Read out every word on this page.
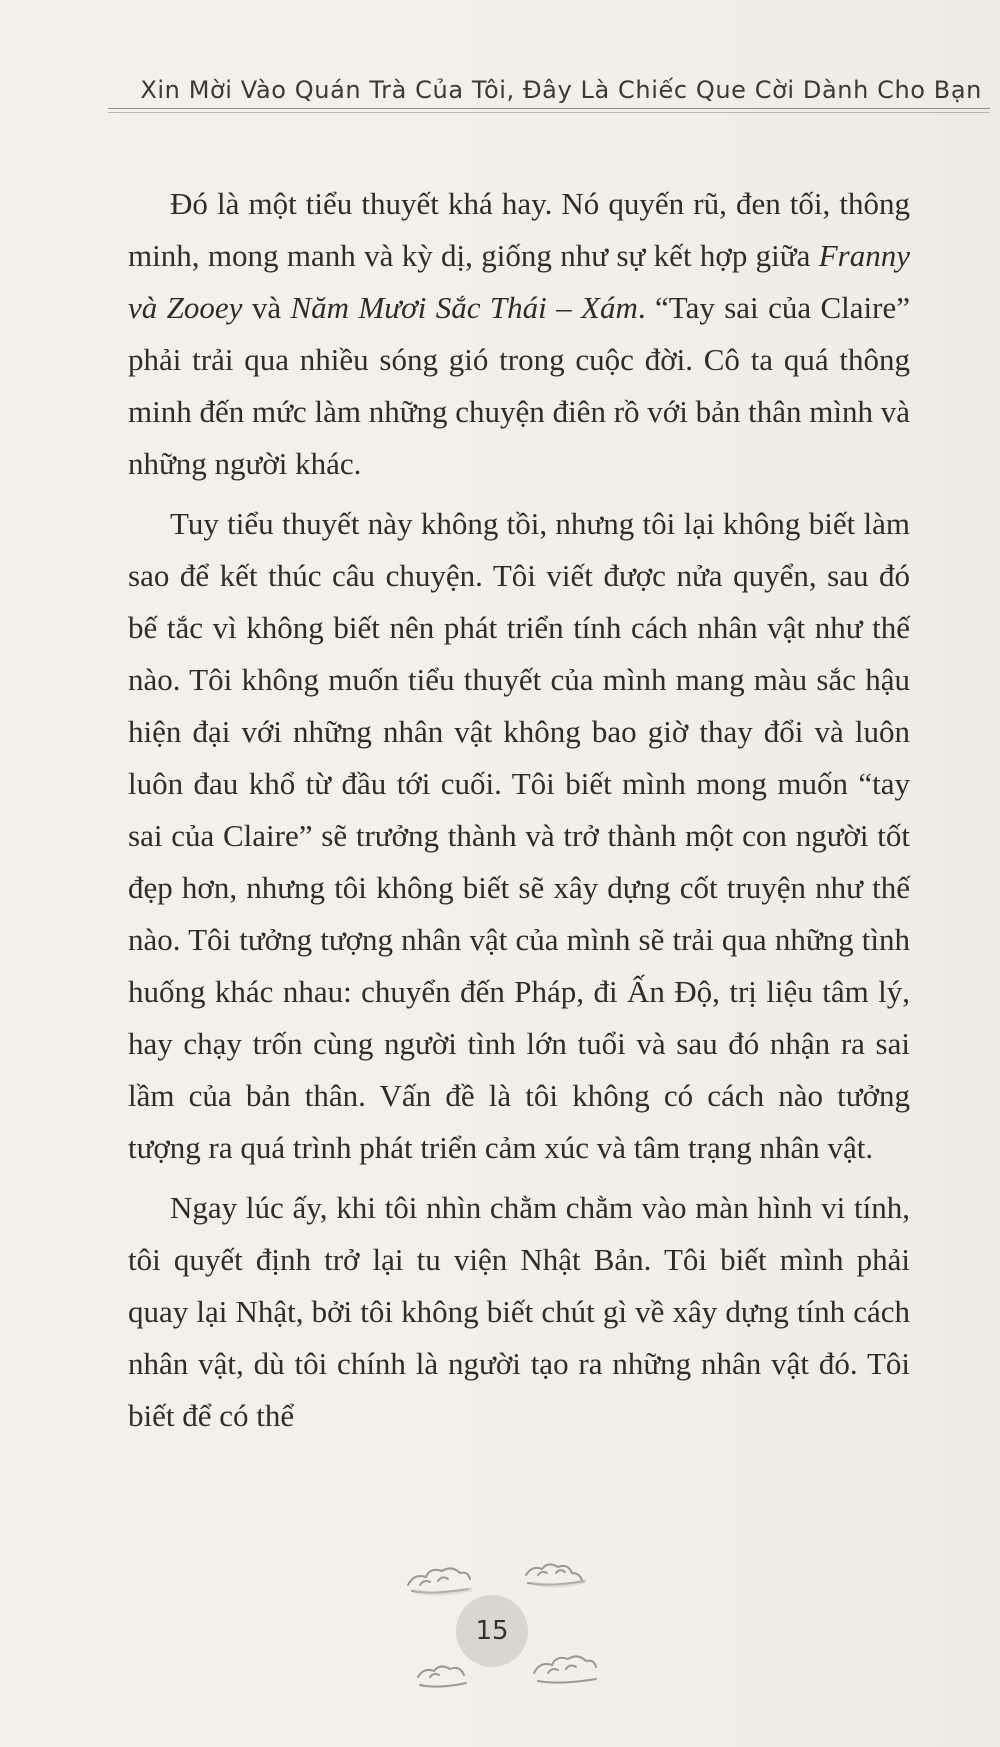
Xin Mời Vào Quán Trà Của Tôi, Đây Là Chiếc Que Cời Dành Cho Bạn

Đó là một tiểu thuyết khá hay. Nó quyến rũ, đen tối, thông minh, mong manh và kỳ dị, giống như sự kết hợp giữa Franny và Zooey và Năm Mươi Sắc Thái – Xám. “Tay sai của Claire” phải trải qua nhiều sóng gió trong cuộc đời. Cô ta quá thông minh đến mức làm những chuyện điên rồ với bản thân mình và những người khác.

Tuy tiểu thuyết này không tồi, nhưng tôi lại không biết làm sao để kết thúc câu chuyện. Tôi viết được nửa quyển, sau đó bế tắc vì không biết nên phát triển tính cách nhân vật như thế nào. Tôi không muốn tiểu thuyết của mình mang màu sắc hậu hiện đại với những nhân vật không bao giờ thay đổi và luôn luôn đau khổ từ đầu tới cuối. Tôi biết mình mong muốn “tay sai của Claire” sẽ trưởng thành và trở thành một con người tốt đẹp hơn, nhưng tôi không biết sẽ xây dựng cốt truyện như thế nào. Tôi tưởng tượng nhân vật của mình sẽ trải qua những tình huống khác nhau: chuyển đến Pháp, đi Ấn Độ, trị liệu tâm lý, hay chạy trốn cùng người tình lớn tuổi và sau đó nhận ra sai lầm của bản thân. Vấn đề là tôi không có cách nào tưởng tượng ra quá trình phát triển cảm xúc và tâm trạng nhân vật.

Ngay lúc ấy, khi tôi nhìn chằm chằm vào màn hình vi tính, tôi quyết định trở lại tu viện Nhật Bản. Tôi biết mình phải quay lại Nhật, bởi tôi không biết chút gì về xây dựng tính cách nhân vật, dù tôi chính là người tạo ra những nhân vật đó. Tôi biết để có thể

15
